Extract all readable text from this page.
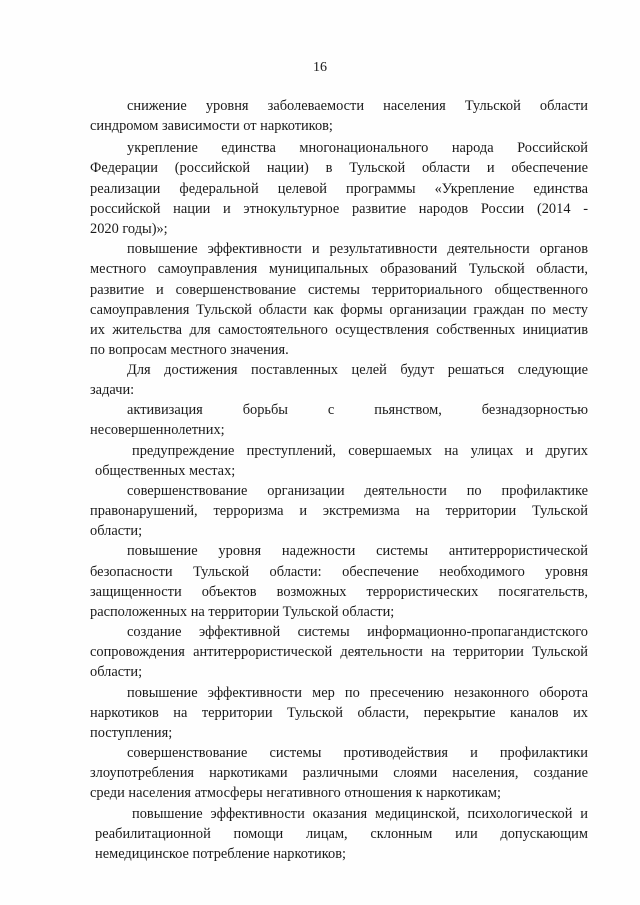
16
снижение уровня заболеваемости населения Тульской области
синдромом зависимости от наркотиков;
укрепление единства многонационального народа Российской
Федерации (российской нации) в Тульской области и обеспечение
реализации федеральной целевой программы «Укрепление единства
российской нации и этнокультурное развитие народов России (2014 -
2020 годы)»;
повышение эффективности и результативности деятельности органов
местного самоуправления муниципальных образований Тульской области,
развитие и совершенствование системы территориального общественного
самоуправления Тульской области как формы организации граждан по месту
их жительства для самостоятельного осуществления собственных инициатив
по вопросам местного значения.
Для достижения поставленных целей будут решаться следующие
задачи:
активизация борьбы с пьянством, безнадзорностью
несовершеннолетних;
предупреждение преступлений, совершаемых на улицах и других
общественных местах;
совершенствование организации деятельности по профилактике
правонарушений, терроризма и экстремизма на территории Тульской
области;
повышение уровня надежности системы антитеррористической
безопасности Тульской области: обеспечение необходимого уровня
защищенности объектов возможных террористических посягательств,
расположенных на территории Тульской области;
создание эффективной системы информационно-пропагандистского
сопровождения антитеррористической деятельности на территории Тульской
области;
повышение эффективности мер по пресечению незаконного оборота
наркотиков на территории Тульской области, перекрытие каналов их
поступления;
совершенствование системы противодействия и профилактики
злоупотребления наркотиками различными слоями населения, создание
среди населения атмосферы негативного отношения к наркотикам;
повышение эффективности оказания медицинской, психологической и
реабилитационной помощи лицам, склонным или допускающим
немедицинское потребление наркотиков;
